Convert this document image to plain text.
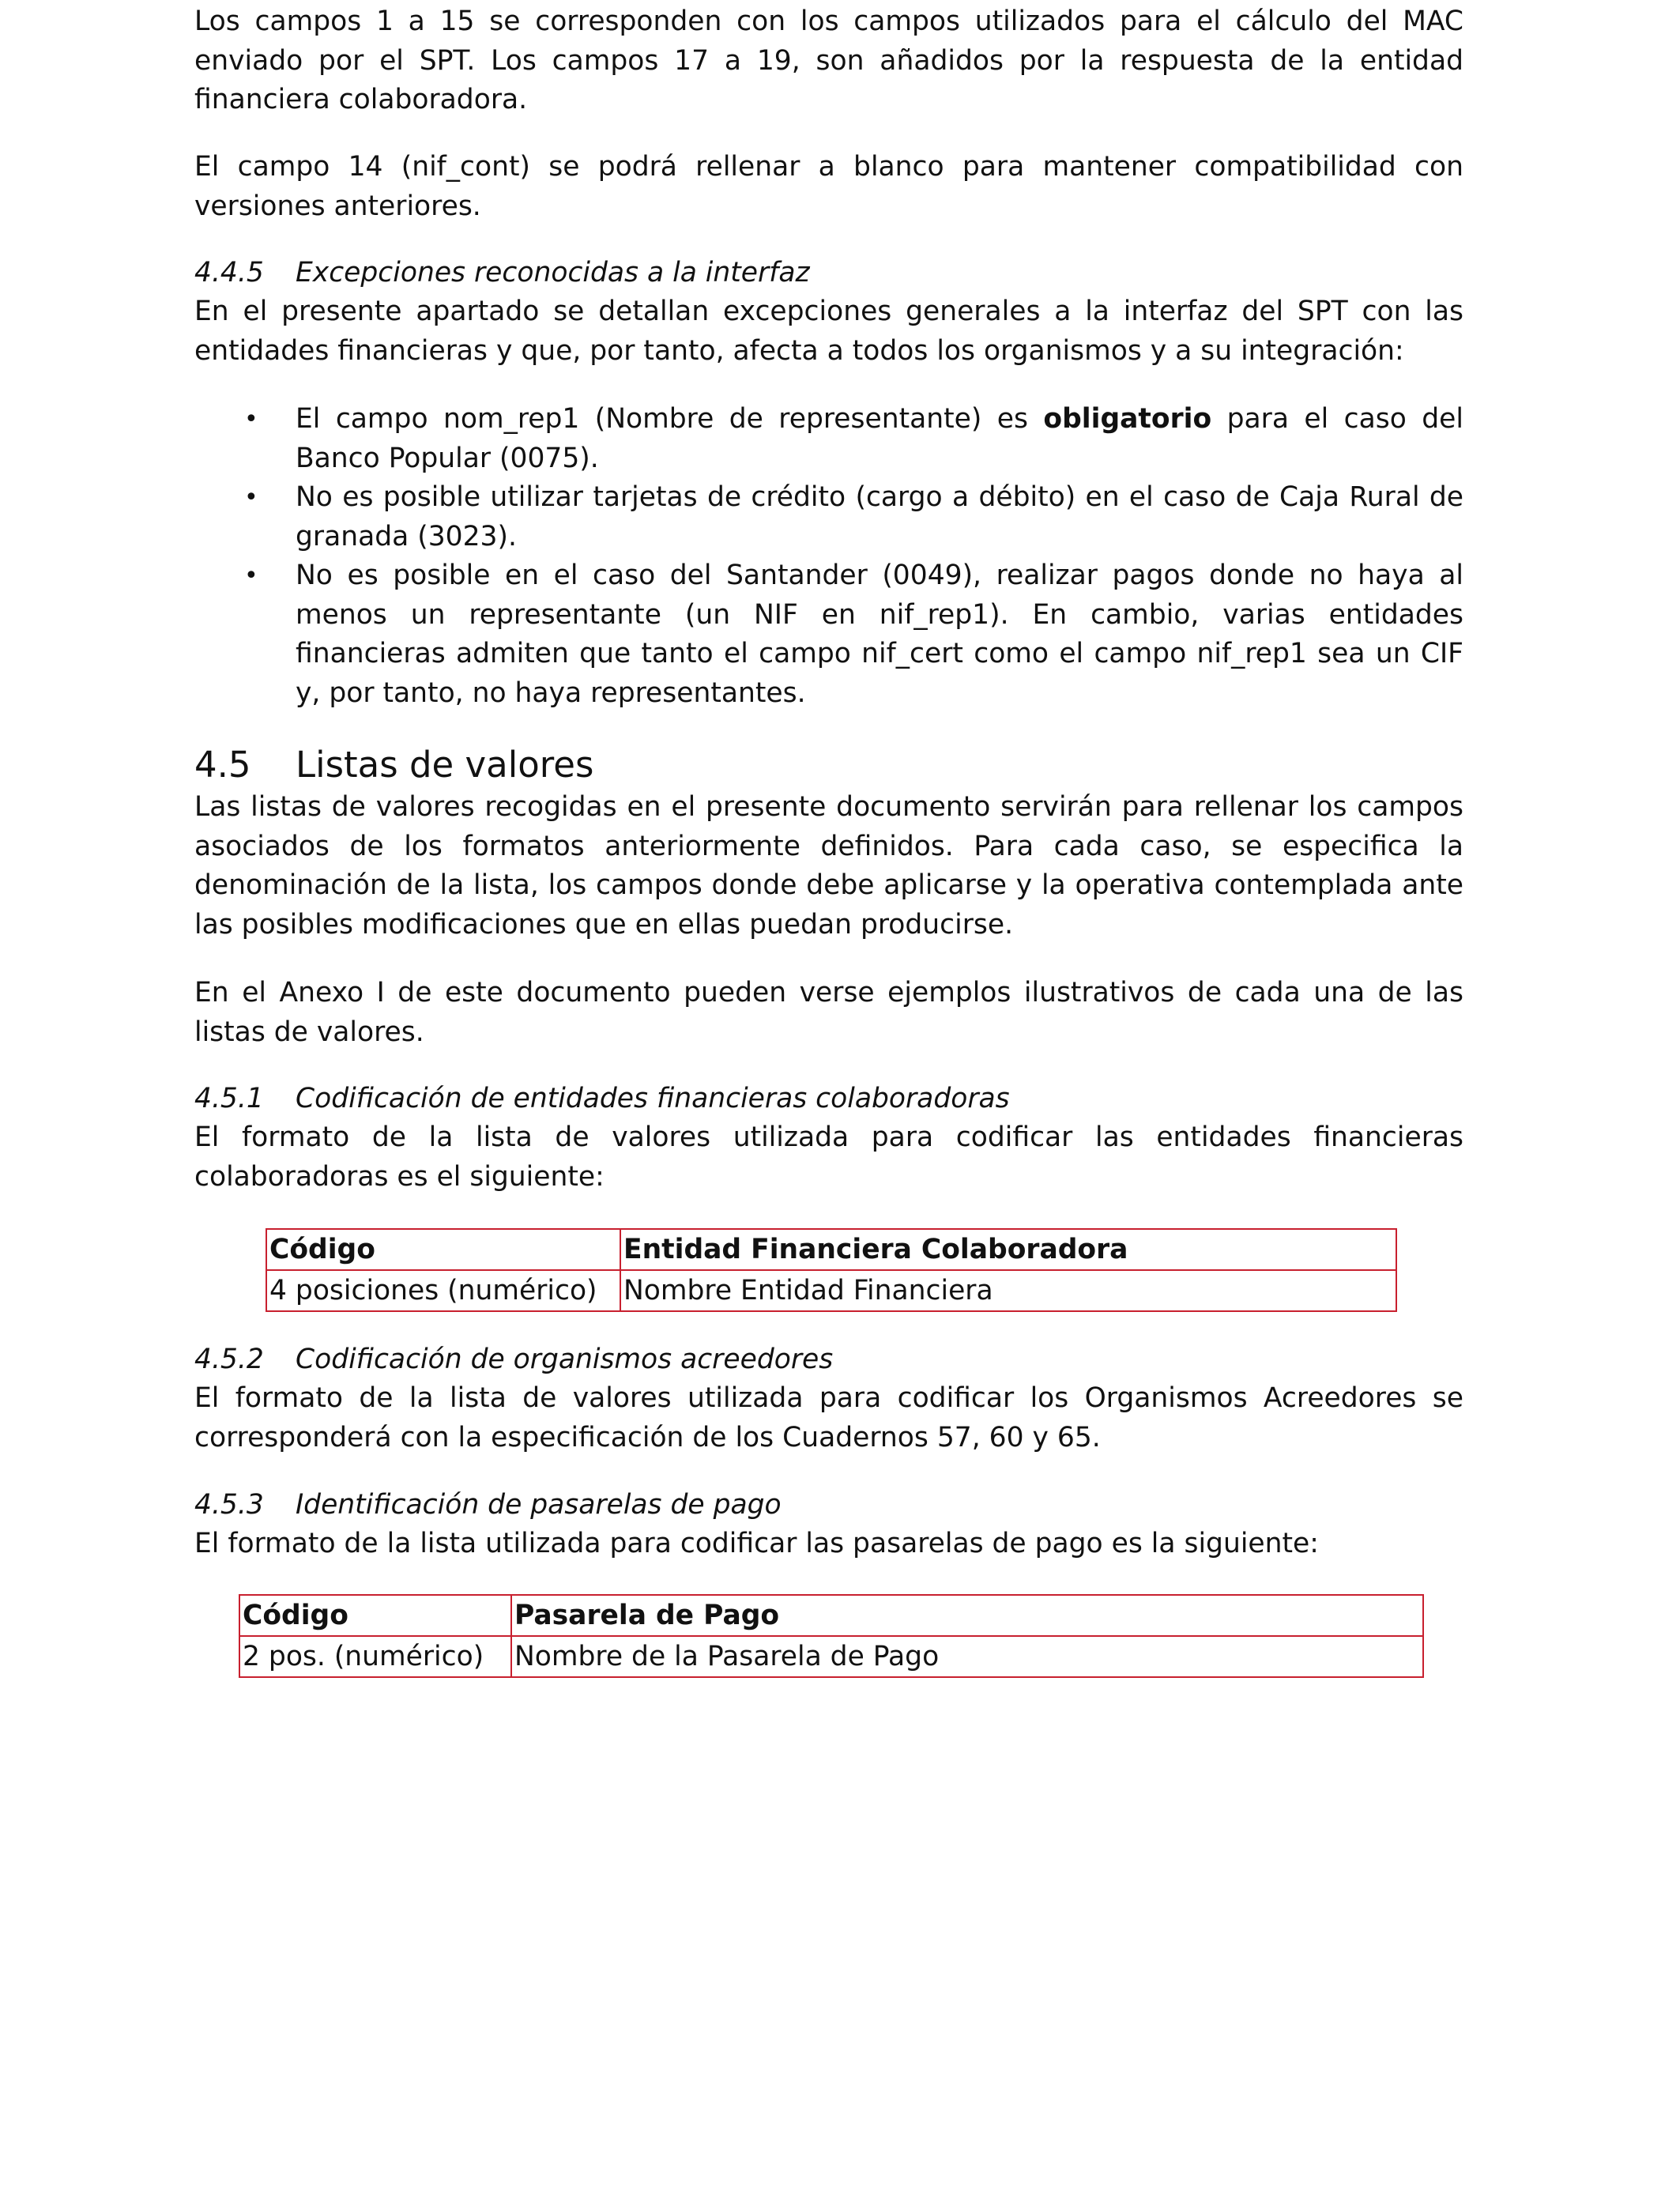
Los campos 1 a 15 se corresponden con los campos utilizados para el cálculo del MAC enviado por el SPT. Los campos 17 a 19, son añadidos por la respuesta de la entidad financiera colaboradora.

El campo 14 (nif_cont) se podrá rellenar a blanco para mantener compatibilidad con versiones anteriores.

4.4.5 Excepciones reconocidas a la interfaz

En el presente apartado se detallan excepciones generales a la interfaz del SPT con las entidades financieras y que, por tanto, afecta a todos los organismos y a su integración:

• El campo nom_rep1 (Nombre de representante) es obligatorio para el caso del Banco Popular (0075).
• No es posible utilizar tarjetas de crédito (cargo a débito) en el caso de Caja Rural de granada (3023).
• No es posible en el caso del Santander (0049), realizar pagos donde no haya al menos un representante (un NIF en nif_rep1). En cambio, varias entidades financieras admiten que tanto el campo nif_cert como el campo nif_rep1 sea un CIF y, por tanto, no haya representantes.
4.5 Listas de valores

Las listas de valores recogidas en el presente documento servirán para rellenar los campos asociados de los formatos anteriormente definidos. Para cada caso, se especifica la denominación de la lista, los campos donde debe aplicarse y la operativa contemplada ante las posibles modificaciones que en ellas puedan producirse.

En el Anexo I de este documento pueden verse ejemplos ilustrativos de cada una de las listas de valores.

4.5.1 Codificación de entidades financieras colaboradoras

El formato de la lista de valores utilizada para codificar las entidades financieras colaboradoras es el siguiente:

Código	Entidad Financiera Colaboradora
4 posiciones (numérico)	Nombre Entidad Financiera
4.5.2 Codificación de organismos acreedores

El formato de la lista de valores utilizada para codificar los Organismos Acreedores se corresponderá con la especificación de los Cuadernos 57, 60 y 65.

4.5.3 Identificación de pasarelas de pago

El formato de la lista utilizada para codificar las pasarelas de pago es la siguiente:

Código	Pasarela de Pago
2 pos. (numérico)	Nombre de la Pasarela de Pago
